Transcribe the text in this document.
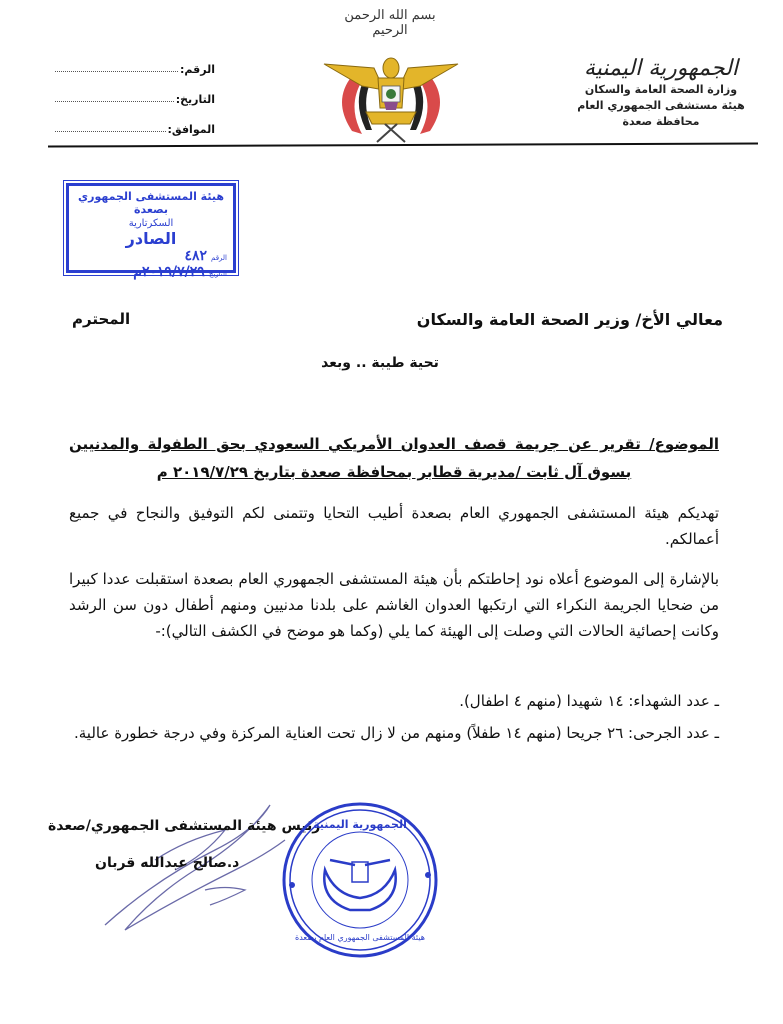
بسم الله الرحمن الرحيم
الجمهورية اليمنية
وزارة الصحة العامة والسكان
هيئة مستشفى الجمهوري العام
محافظة صعدة
الرقم:
التاريخ:
الموافق:
هيئة المستشفى الجمهوري بصعدة
السكرتارية
الصادر
الرقم
٤٨٢
التاريخ
٢٠١٩/٧/٢٩م
معالي الأخ/ وزير الصحة العامة والسكان
المحترم
تحية طيبة .. وبعد
الموضوع/ تقرير عن جريمة قصف العدوان الأمريكي السعودي بحق الطفولة والمدنيين بسوق آل ثابت /مديرية قطابر بمحافظة صعدة بتاريخ ٢٠١٩/٧/٢٩ م
تهديكم هيئة المستشفى الجمهوري العام بصعدة أطيب التحايا وتتمنى لكم التوفيق والنجاح في جميع أعمالكم.
بالإشارة إلى الموضوع أعلاه نود إحاطتكم بأن هيئة المستشفى الجمهوري العام بصعدة استقبلت عددا كبيرا من ضحايا الجريمة النكراء التي ارتكبها العدوان الغاشم على بلدنا مدنيين ومنهم أطفال دون سن الرشد وكانت إحصائية الحالات التي وصلت إلى الهيئة كما يلي (وكما هو موضح في الكشف التالي):-
ـ عدد الشهداء: ١٤ شهيدا (منهم ٤ اطفال).
ـ عدد الجرحى: ٢٦ جريحا (منهم ١٤ طفلاً) ومنهم من لا زال تحت العناية المركزة وفي درجة خطورة عالية.
رئيس هيئة المستشفى الجمهوري/صعدة
د.صالح عبدالله قربان
الجمهورية اليمنية
هيئة المستشفى الجمهوري العام بصعدة
